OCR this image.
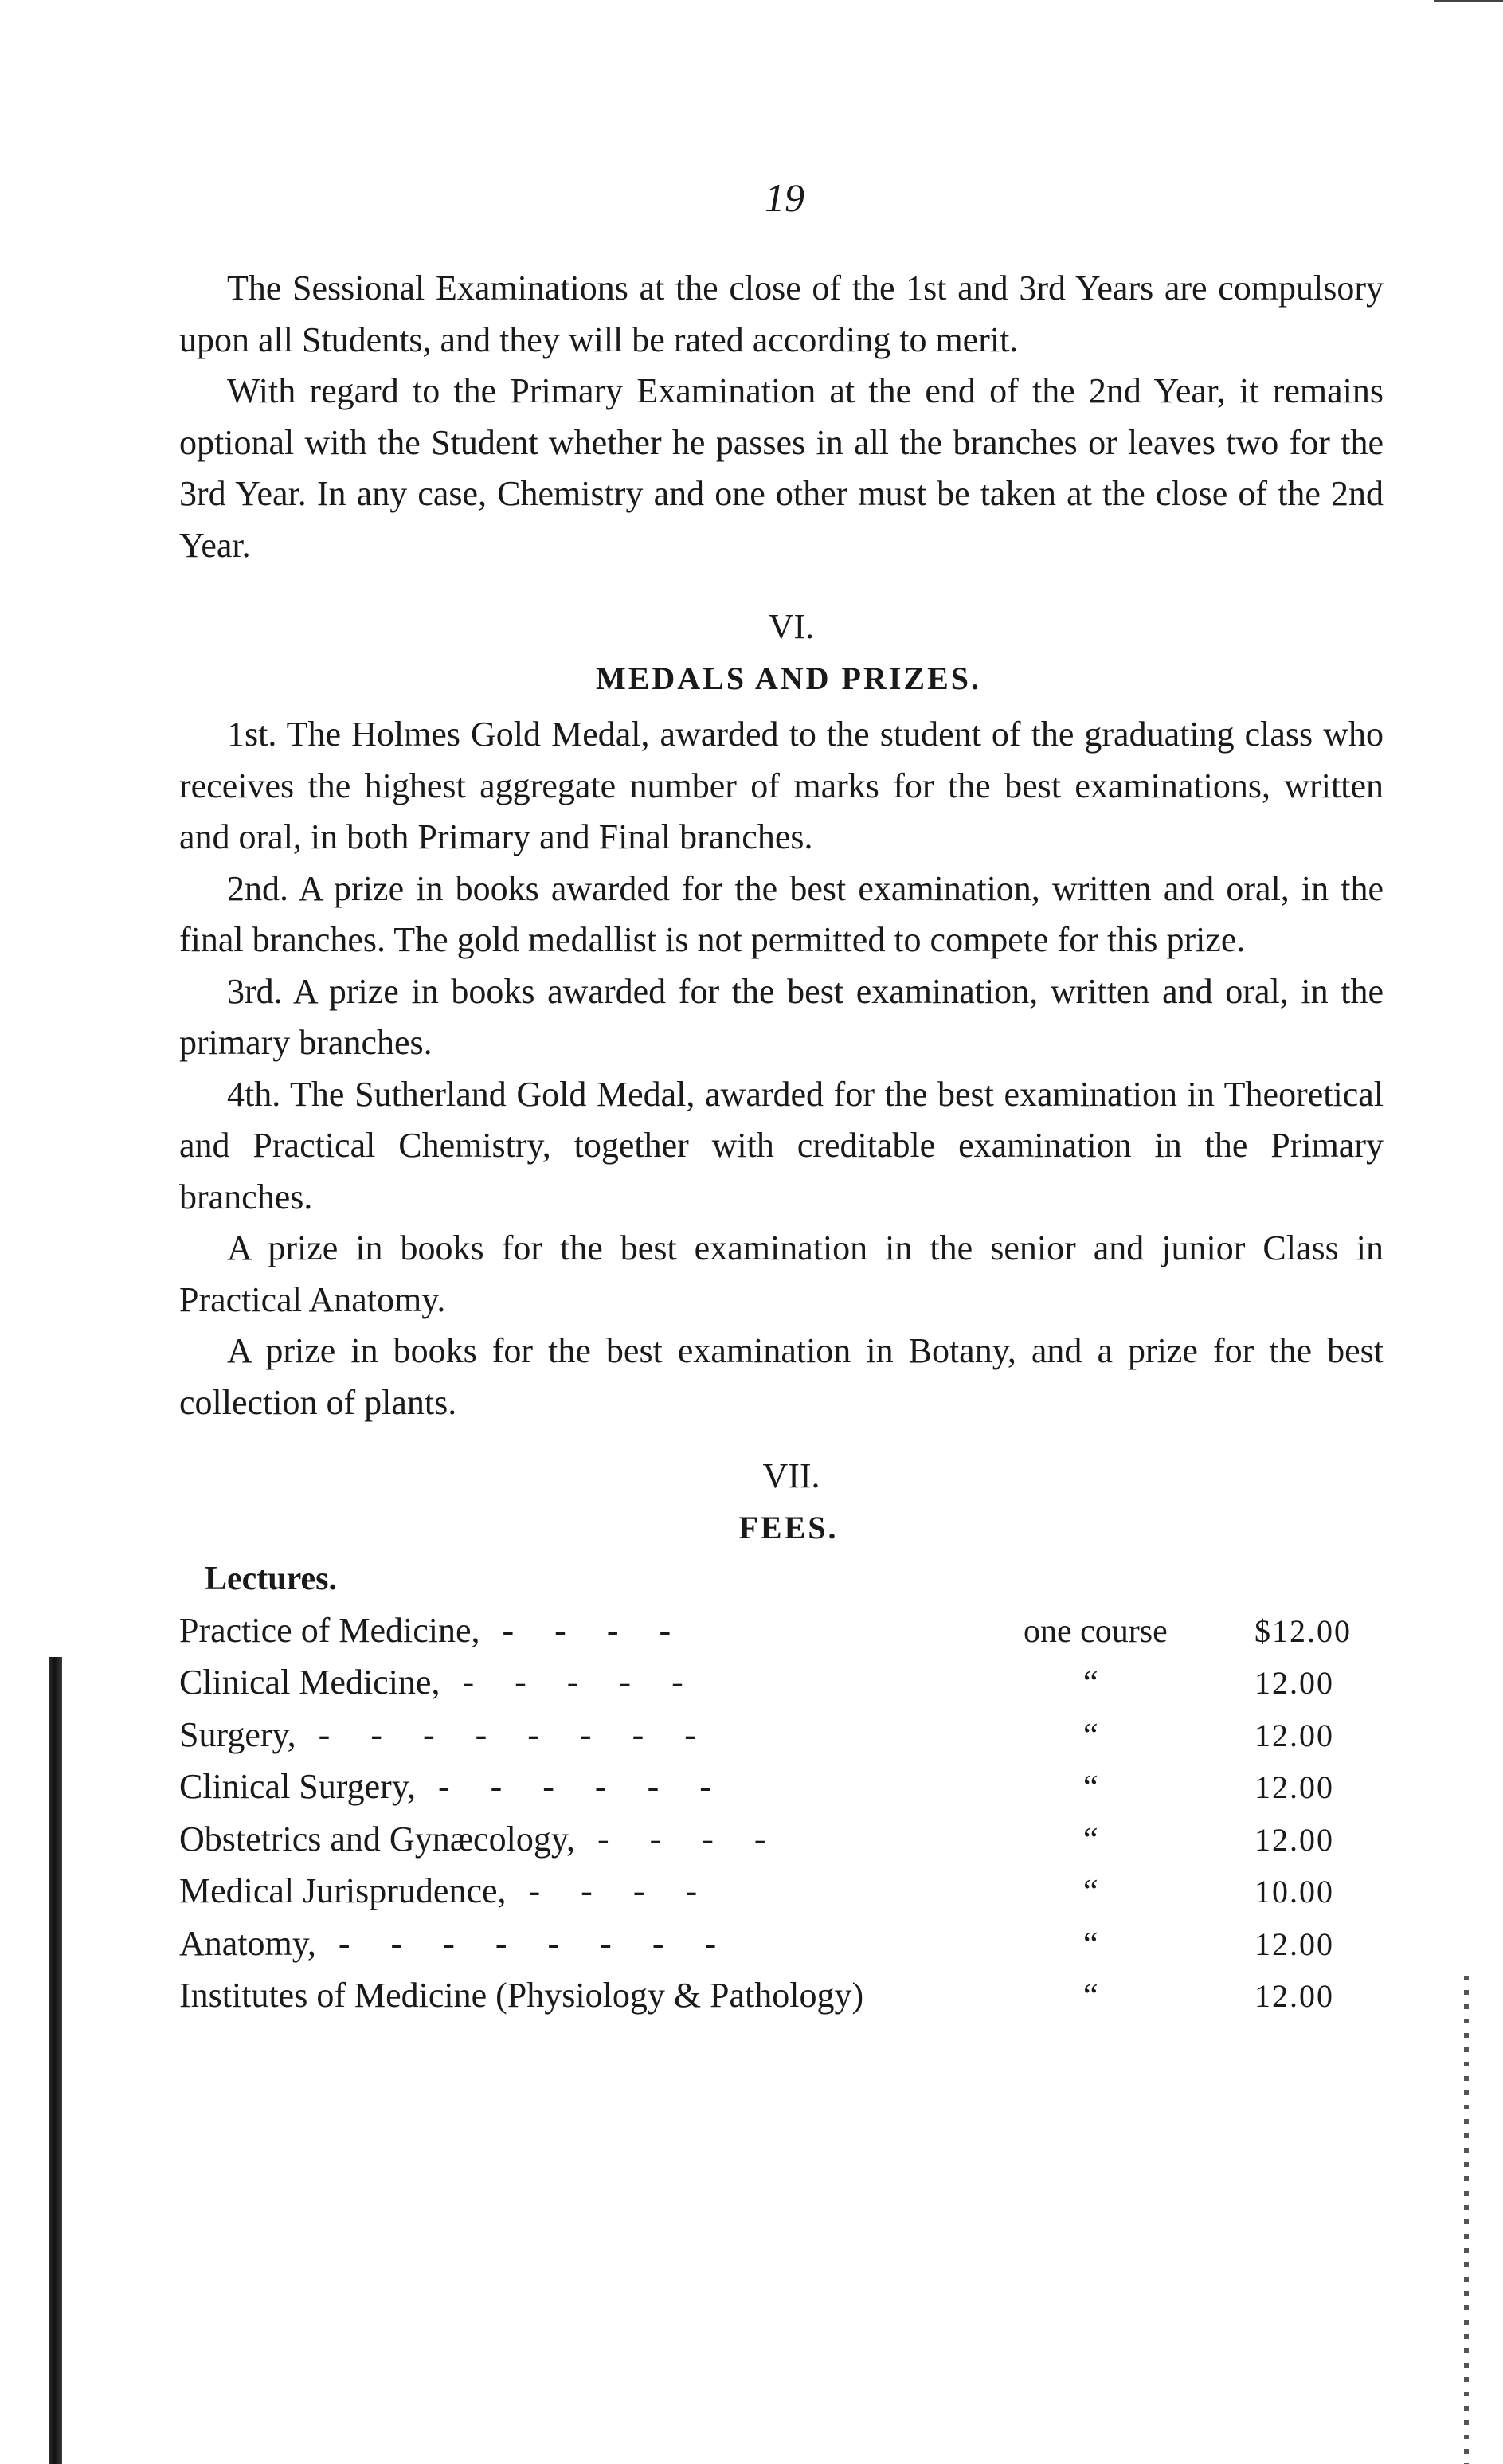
19

The Sessional Examinations at the close of the 1st and 3rd Years are compulsory upon all Students, and they will be rated according to merit.

With regard to the Primary Examination at the end of the 2nd Year, it remains optional with the Student whether he passes in all the branches or leaves two for the 3rd Year. In any case, Chemistry and one other must be taken at the close of the 2nd Year.

VI.

MEDALS AND PRIZES.

1st. The Holmes Gold Medal, awarded to the student of the graduating class who receives the highest aggregate number of marks for the best examinations, written and oral, in both Primary and Final branches.

2nd. A prize in books awarded for the best examination, written and oral, in the final branches. The gold medallist is not permitted to compete for this prize.

3rd. A prize in books awarded for the best examination, written and oral, in the primary branches.

4th. The Sutherland Gold Medal, awarded for the best examination in Theoretical and Practical Chemistry, together with creditable examination in the Primary branches.

A prize in books for the best examination in the senior and junior Class in Practical Anatomy.

A prize in books for the best examination in Botany, and a prize for the best collection of plants.

VII.

FEES.

Lectures.

Practice of Medicine, - - - -	one course	$12.00

Clinical Medicine, - - - - -	“	12.00

Surgery, - - - - - - - -	“	12.00

Clinical Surgery, - - - - - -	“	12.00

Obstetrics and Gynæcology, - - - -	“	12.00

Medical Jurisprudence, - - - -	“	10.00

Anatomy, - - - - - - - -	“	12.00

Institutes of Medicine (Physiology & Pathology)	“	12.00
